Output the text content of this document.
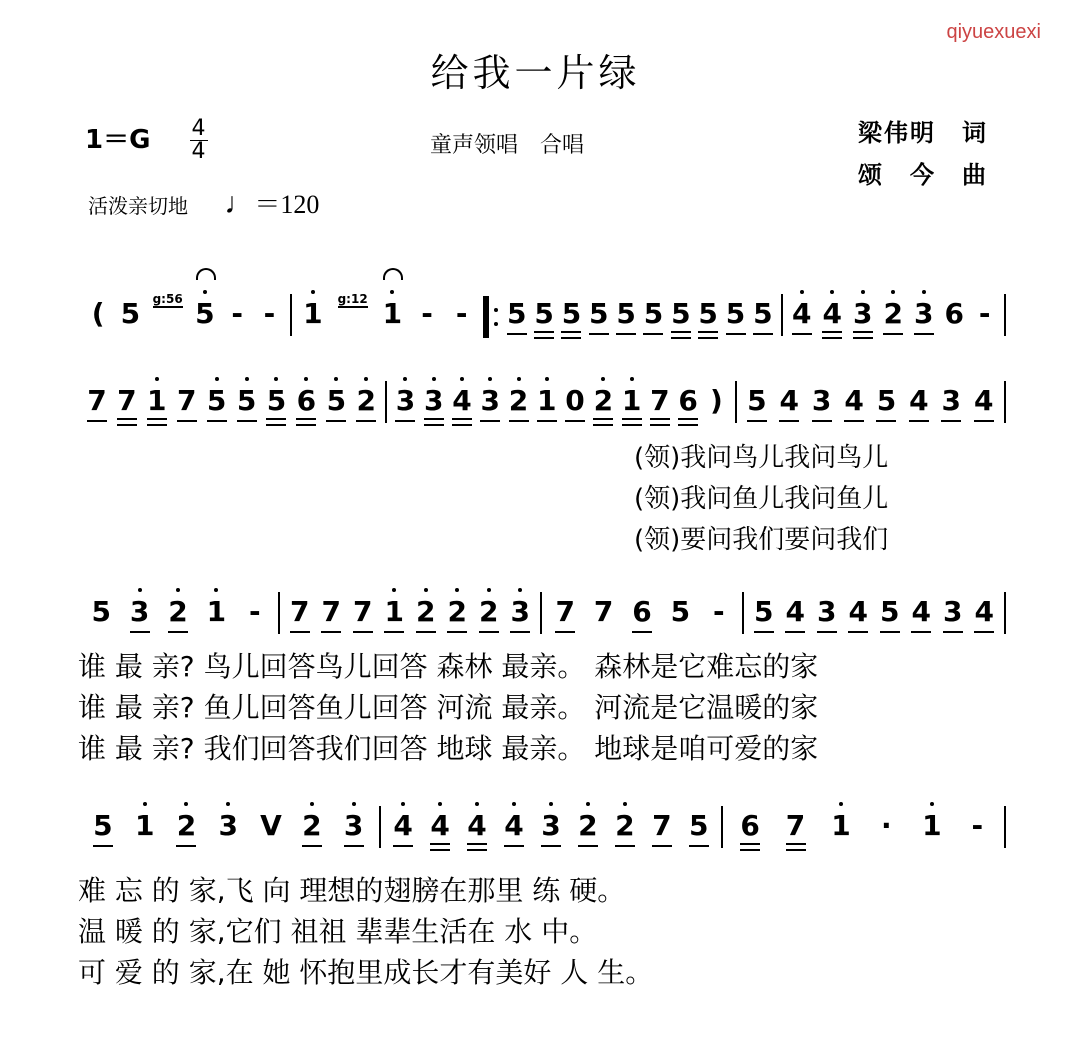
qiyuexuexi
给我一片绿
$1=G \frac{4}{4}$	童声领唱　合唱	梁伟明　词
颂　今　曲
活泼亲切地 ♩＝120
( 5 g:56 5 - - 1 g:12 1 - - 5 5 5 5 5 5 5 5 5 5 4 4 3 2 3 6 -
7 7 1 7 5 5 5 6 5 2 3 3 4 3 2 1 0 2 1 7 6 ) 5 4 3 4 5 4 3 4
(领)我问鸟儿我问鸟儿
(领)我问鱼儿我问鱼儿
(领)要问我们要问我们
5 3 2 1 - 7 7 7 1 2 2 2 3 7 7 6 5 - 5 4 3 4 5 4 3 4
谁 最 亲? 鸟儿回答鸟儿回答 森林 最亲。 森林是它难忘的家
谁 最 亲? 鱼儿回答鱼儿回答 河流 最亲。 河流是它温暖的家
谁 最 亲? 我们回答我们回答 地球 最亲。 地球是咱可爱的家
5 1 2 3 V 2 3 4 4 4 4 3 2 2 7 5 6 7 1 · 1 -
难 忘 的 家,飞 向 理想的翅膀在那里 练 硬。
温 暖 的 家,它们 祖祖 辈辈生活在 水 中。
可 爱 的 家,在 她 怀抱里成长才有美好 人 生。
